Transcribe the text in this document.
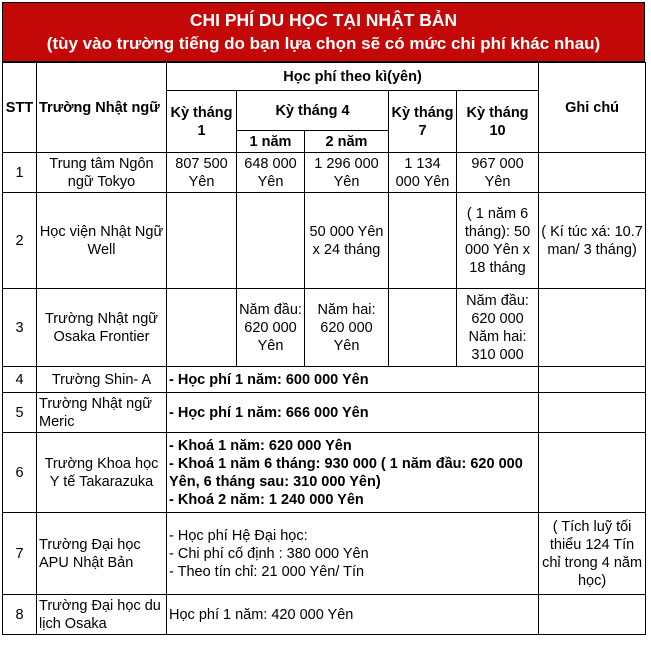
CHI PHÍ DU HỌC TẠI NHẬT BẢN
(tùy vào trường tiếng do bạn lựa chọn sẽ có mức chi phí khác nhau)
STT	Trường Nhật ngữ	Học phí theo kì(yên)					Ghi chú
		Kỳ tháng 1	Kỳ tháng 4		Kỳ tháng 7	Kỳ tháng 10	
			1 năm	2 năm			
1	Trung tâm Ngôn ngữ Tokyo	807 500 Yên	648 000 Yên	1 296 000 Yên	1 134 000 Yên	967 000 Yên	
2	Học viện Nhật Ngữ Well			50 000 Yên x 24 tháng		( 1 năm 6 tháng): 50 000 Yên x 18 tháng	( Kí túc xá: 10.7 man/ 3 tháng)
3	Trường Nhật ngữ Osaka Frontier		Năm đầu: 620 000 Yên	Năm hai: 620 000 Yên		Năm đầu: 620 000 Năm hai: 310 000	
4	Trường Shin- A	- Học phí 1 năm: 600 000 Yên					
5	Trường Nhật ngữ Meric	- Học phí 1 năm: 666 000 Yên					
6	Trường Khoa học Y tế Takarazuka	- Khoá 1 năm: 620 000 Yên
- Khoá 1 năm 6 tháng: 930 000 ( 1 năm đầu: 620 000 Yên, 6 tháng sau: 310 000 Yên)
- Khoá 2 năm: 1 240 000 Yên					

7	Trường Đại học APU Nhật Bản	- Học phí Hệ Đại học:
- Chi phí cố định : 380 000 Yên
- Theo tín chỉ: 21 000 Yên/ Tín					( Tích luỹ tối thiểu 124 Tín chỉ trong 4 năm học)
8	Trường Đại học du lịch Osaka	Học phí 1 năm: 420 000 Yên					
